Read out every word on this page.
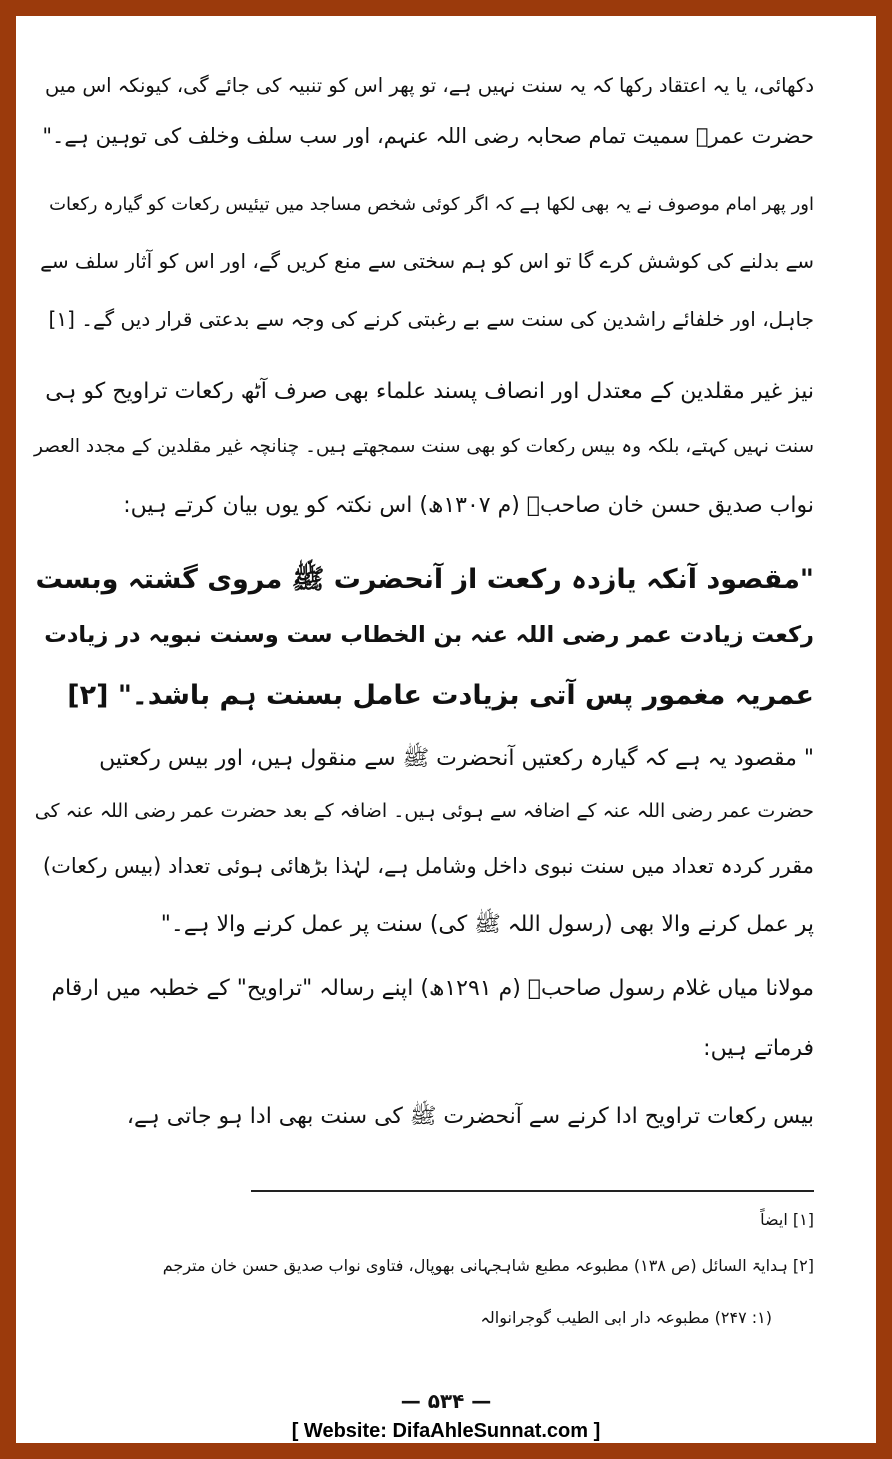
دکھائی، یا یہ اعتقاد رکھا کہ یہ سنت نہیں ہے، تو پھر اس کو تنبیہ کی جائے گی، کیونکہ اس میں
حضرت عمرؓ سمیت تمام صحابہ رضی اللہ عنہم، اور سب سلف وخلف کی توہین ہے۔"
اور پھر امام موصوف نے یہ بھی لکھا ہے کہ اگر کوئی شخص مساجد میں تیئیس رکعات کو گیارہ رکعات
سے بدلنے کی کوشش کرے گا تو اس کو ہم سختی سے منع کریں گے، اور اس کو آثار سلف سے
جاہل، اور خلفائے راشدین کی سنت سے بے رغبتی کرنے کی وجہ سے بدعتی قرار دیں گے۔ [۱]
نیز غیر مقلدین کے معتدل اور انصاف پسند علماء بھی صرف آٹھ رکعات تراویح کو ہی
سنت نہیں کہتے، بلکہ وہ بیس رکعات کو بھی سنت سمجھتے ہیں۔ چنانچہ غیر مقلدین کے مجدد العصر
نواب صدیق حسن خان صاحبؒ (م ۱۳۰۷ھ) اس نکتہ کو یوں بیان کرتے ہیں:
"مقصود آنکہ یازدہ رکعت از آنحضرت ﷺ مروی گشتہ وبست
رکعت زیادت عمر رضی اللہ عنہ بن الخطاب ست وسنت نبویہ در زیادت
عمریہ مغمور پس آتی بزیادت عامل بسنت ہم باشد۔" [۲]
" مقصود یہ ہے کہ گیارہ رکعتیں آنحضرت ﷺ سے منقول ہیں، اور بیس رکعتیں
حضرت عمر رضی اللہ عنہ کے اضافہ سے ہوئی ہیں۔ اضافہ کے بعد حضرت عمر رضی اللہ عنہ کی
مقرر کردہ تعداد میں سنت نبوی داخل وشامل ہے، لہٰذا بڑھائی ہوئی تعداد (بیس رکعات)
پر عمل کرنے والا بھی (رسول اللہ ﷺ کی) سنت پر عمل کرنے والا ہے۔"
مولانا میاں غلام رسول صاحبؒ (م ۱۲۹۱ھ) اپنے رسالہ "تراویح" کے خطبہ میں ارقام
فرماتے ہیں:
بیس رکعات تراویح ادا کرنے سے آنحضرت ﷺ کی سنت بھی ادا ہو جاتی ہے،
[۱] ایضاً
[۲] ہدایۃ السائل (ص ۱۳۸) مطبوعہ مطبع شاہجہانی بھوپال، فتاوی نواب صدیق حسن خان مترجم
(۱: ۲۴۷) مطبوعہ دار ابی الطیب گوجرانوالہ
— ۵۳۴ —
[ Website: DifaAhleSunnat.com ]
